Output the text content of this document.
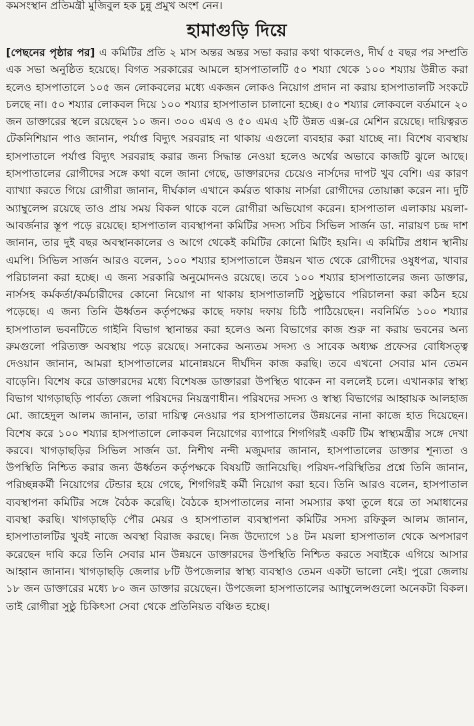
কমসংস্থান প্রতিমন্ত্রী মুজিবুল হক চুন্নু প্রমুখ অংশ নেন।
হামাগুড়ি দিয়ে

[পেছনের পৃষ্ঠার পর] এ কমিটির প্রতি ২ মাস অন্তর অন্তর সভা করার কথা থাকলেও, দীর্ঘ ৫ বছর পর সম্প্রতি এক সভা অনুষ্ঠিত হয়েছে। বিগত সরকারের আমলে হাসপাতালটি ৫০ শয্যা থেকে ১০০ শয্যায় উন্নীত করা হলেও হাসপাতালে ১০৫ জন লোকবলের মধ্যে একজন লোকও নিয়োগ প্রদান না করায় হাসপাতালটি সংকটে চলছে না। ৫০ শয্যার লোকবল দিয়ে ১০০ শয্যার হাসপাতাল চালানো হচ্ছে। ৫০ শয্যার লোকবলে বর্তমানে ২০ জন ডাক্তারের স্থলে রয়েছেন ১০ জন। ৩০০ এমএ ও ৫০ এমএ ২টি উন্নত এক্স-রে মেশিন রয়েছে। দায়িত্বরত টেকনিশিয়ান পাও জানান, পর্যাপ্ত বিদ্যুৎ সরবরাহ না থাকায় এগুলো ব্যবহার করা যাচ্ছে না। বিশেষ ব্যবস্থায় হাসপাতালে পর্যাপ্ত বিদ্যুৎ সরবরাহ করার জন্য সিদ্ধান্ত নেওয়া হলেও অর্থের অভাবে কাজটি ঝুলে আছে। হাসপাতালের রোগীদের সঙ্গে কথা বলে জানা গেছে, ডাক্তারদের চেয়েও নার্সদের দাপট খুব বেশি। এর কারণ ব্যাখ্যা করতে গিয়ে রোগীরা জানান, দীর্ঘকাল এখানে কর্মরত থাকায় নার্সরা রোগীদের তোয়াক্কা করেন না। দুটি অ্যাম্বুলেন্স রয়েছে তাও প্রায় সময় বিকল থাকে বলে রোগীরা অভিযোগ করেন। হাসপাতাল এলাকায় ময়লা-আবর্জনার স্তূপ পড়ে রয়েছে। হাসপাতাল ব্যবস্থাপনা কমিটির সদস্য সচিব সিভিল সার্জন ডা. নারায়ণ চন্দ্র দাশ জানান, তার দুই বছর অবস্থানকালের ও আগে থেকেই কমিটির কোনো মিটিং হয়নি। এ কমিটির প্রধান স্থানীয় এমপি। সিভিল সার্জন আরও বলেন, ১০০ শয্যার হাসপাতালে উন্নয়ন খাত থেকে রোগীদের ওষুধপত্র, খাবার পরিচালনা করা হচ্ছে। এ জন্য সরকারি অনুমোদনও রয়েছে। তবে ১০০ শয্যার হাসপাতালের জন্য ডাক্তার, নার্সসহ কর্মকর্তা/কর্মচারীদের কোনো নিয়োগ না থাকায় হাসপাতালটি সুষ্ঠুভাবে পরিচালনা করা কঠিন হয়ে পড়েছে। এ জন্য তিনি ঊর্ধ্বতন কর্তৃপক্ষের কাছে দফায় দফায় চিঠি পাঠিয়েছেন। নবনির্মিত ১০০ শয্যার হাসপাতাল ভবনটিতে গাইনি বিভাগ স্থানান্তর করা হলেও অন্য বিভাগের কাজ শুরু না করায় ভবনের অন্য রুমগুলো পরিত্যক্ত অবস্থায় পড়ে রয়েছে। সনাকের অন্যতম সদস্য ও সাবেক অধ্যক্ষ প্রফেসর বোধিসত্ত্ব দেওয়ান জানান, আমরা হাসপাতালের মানোন্নয়নে দীর্ঘদিন কাজ করছি। তবে এখনো সেবার মান তেমন বাড়েনি। বিশেষ করে ডাক্তারদের মধ্যে বিশেষজ্ঞ ডাক্তাররা উপস্থিত থাকেন না বললেই চলে। এখানকার স্বাস্থ্য বিভাগ খাগড়াছড়ি পার্বত্য জেলা পরিষদের নিয়ন্ত্রণাধীন। পরিষদের সদস্য ও স্বাস্থ্য বিভাগের আহ্বায়ক আলহাজ মো. জাহেদুল আলম জানান, তারা দায়িত্ব নেওয়ার পর হাসপাতালের উন্নয়নের নানা কাজে হাত দিয়েছেন। বিশেষ করে ১০০ শয্যার হাসপাতালে লোকবল নিয়োগের ব্যাপারে শিগগিরই একটি টিম স্বাস্থ্যমন্ত্রীর সঙ্গে দেখা করবে। খাগড়াছড়ির সিভিল সার্জন ডা. নিশীথ নন্দী মজুমদার জানান, হাসপাতালের ডাক্তার শূন্যতা ও উপস্থিতি নিশ্চিত করার জন্য ঊর্ধ্বতন কর্তৃপক্ষকে বিষয়টি জানিয়েছি। পরিষদ-পরিস্থিতির প্রশ্নে তিনি জানান, পরিচ্ছন্নকর্মী নিয়োগের টেন্ডার হয়ে গেছে, শিগগিরই কর্মী নিয়োগ করা হবে। তিনি আরও বলেন, হাসপাতাল ব্যবস্থাপনা কমিটির সঙ্গে বৈঠক করেছি। বৈঠকে হাসপাতালের নানা সমস্যার কথা তুলে ধরে তা সমাধানের ব্যবস্থা করছি। খাগড়াছড়ি পৌর মেয়র ও হাসপাতাল ব্যবস্থাপনা কমিটির সদস্য রফিকুল আলম জানান, হাসপাতালটির খুবই নাজে অবস্থা বিরাজ করছে। নিজ উদ্যোগে ১৪ টন ময়লা হাসপাতাল থেকে অপসারণ করেছেন দাবি করে তিনি সেবার মান উন্নয়নে ডাক্তারদের উপস্থিতি নিশ্চিত করতে সবাইকে এগিয়ে আসার আহ্বান জানান। খাগড়াছড়ি জেলার ৮টি উপজেলার স্বাস্থ্য ব্যবস্থাও তেমন একটা ভালো নেই। পুরো জেলায় ১৮ জন ডাক্তারের মধ্যে ৮০ জন ডাক্তার রয়েছেন। উপজেলা হাসপাতালের অ্যাম্বুলেন্সগুলো অনেকটা বিকল। তাই রোগীরা সুষ্ঠু চিকিৎসা সেবা থেকে প্রতিনিয়ত বঞ্চিত হচ্ছে।
